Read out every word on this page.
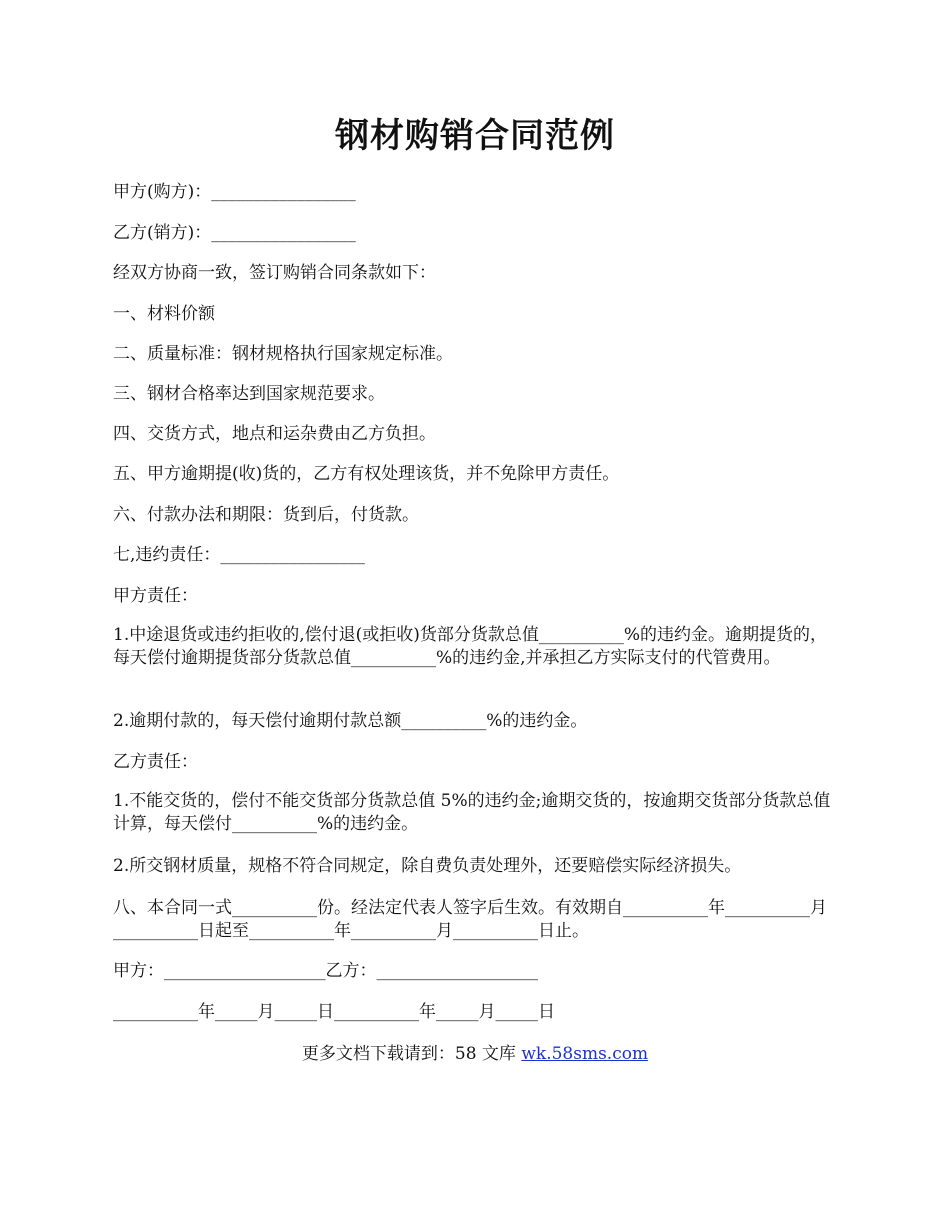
钢材购销合同范例

甲方(购方)：_________________

乙方(销方)：_________________

经双方协商一致，签订购销合同条款如下：

一、材料价额

二、质量标准：钢材规格执行国家规定标准。

三、钢材合格率达到国家规范要求。

四、交货方式，地点和运杂费由乙方负担。

五、甲方逾期提(收)货的，乙方有权处理该货，并不免除甲方责任。

六、付款办法和期限：货到后，付货款。

七,违约责任：_________________

甲方责任：

1.中途退货或违约拒收的,偿付退(或拒收)货部分货款总值__________%的违约金。逾期提货的，每天偿付逾期提货部分货款总值__________%的违约金,并承担乙方实际支付的代管费用。

2.逾期付款的，每天偿付逾期付款总额__________%的违约金。

乙方责任：

1.不能交货的，偿付不能交货部分货款总值 5%的违约金;逾期交货的，按逾期交货部分货款总值计算，每天偿付__________%的违约金。

2.所交钢材质量，规格不符合同规定，除自费负责处理外，还要赔偿实际经济损失。

八、本合同一式__________份。经法定代表人签字后生效。有效期自__________年__________月__________日起至__________年__________月__________日止。

甲方：___________________乙方：___________________

__________年_____月_____日__________年_____月_____日

更多文档下载请到：58 文库 wk.58sms.com
